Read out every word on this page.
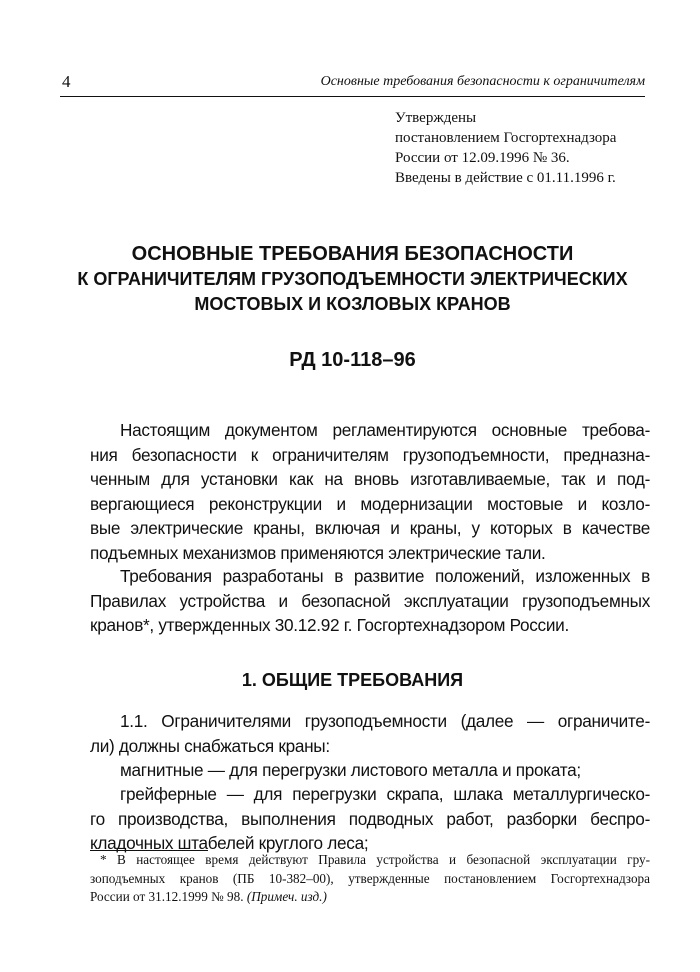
4	Основные требования безопасности к ограничителям
Утверждены
постановлением Госгортехнадзора
России от 12.09.1996 № 36.
Введены в действие с 01.11.1996 г.
ОСНОВНЫЕ ТРЕБОВАНИЯ БЕЗОПАСНОСТИ
К ОГРАНИЧИТЕЛЯМ ГРУЗОПОДЪЕМНОСТИ ЭЛЕКТРИЧЕСКИХ
МОСТОВЫХ И КОЗЛОВЫХ КРАНОВ
РД 10-118–96
Настоящим документом регламентируются основные требова-
ния безопасности к ограничителям грузоподъемности, предназна-
ченным для установки как на вновь изготавливаемые, так и под-
вергающиеся реконструкции и модернизации мостовые и козло-
вые электрические краны, включая и краны, у которых в качестве
подъемных механизмов применяются электрические тали.
Требования разработаны в развитие положений, изложенных в
Правилах устройства и безопасной эксплуатации грузоподъемных
кранов*, утвержденных 30.12.92 г. Госгортехнадзором России.
1. ОБЩИЕ ТРЕБОВАНИЯ
1.1. Ограничителями грузоподъемности (далее — ограничите-
ли) должны снабжаться краны:
магнитные — для перегрузки листового металла и проката;
грейферные — для перегрузки скрапа, шлака металлургическо-
го производства, выполнения подводных работ, разборки беспро-
кладочных штабелей круглого леса;
* В настоящее время действуют Правила устройства и безопасной эксплуатации гру-
зоподъемных кранов (ПБ 10-382–00), утвержденные постановлением Госгортехнадзора
России от 31.12.1999 № 98. (Примеч. изд.)
